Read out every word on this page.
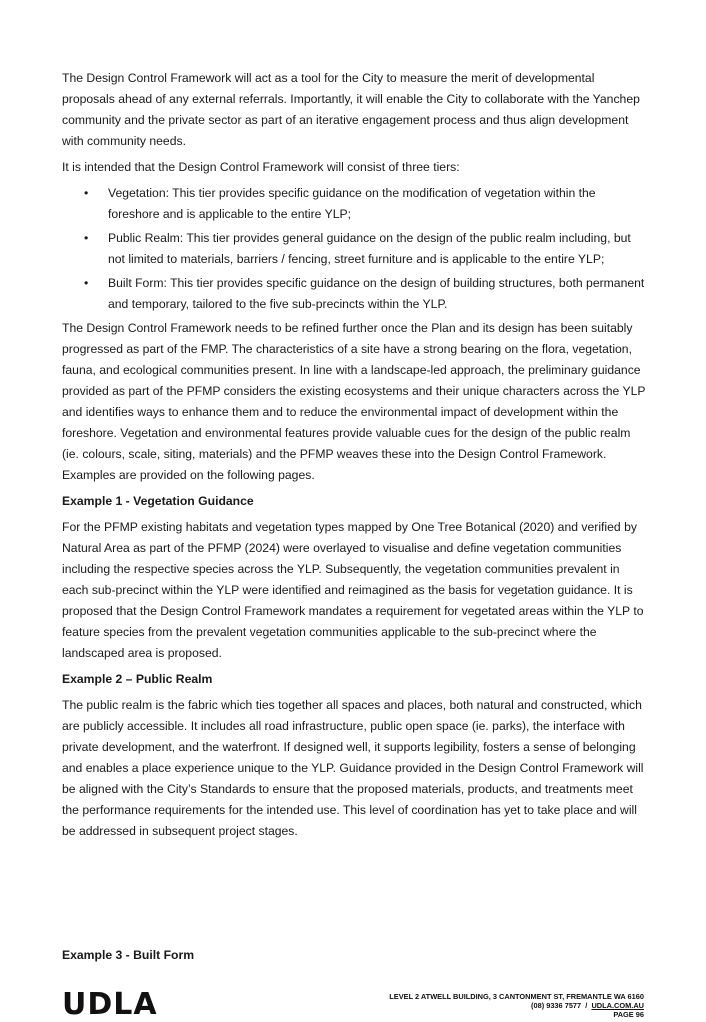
The Design Control Framework will act as a tool for the City to measure the merit of developmental proposals ahead of any external referrals. Importantly, it will enable the City to collaborate with the Yanchep community and the private sector as part of an iterative engagement process and thus align development with community needs.

It is intended that the Design Control Framework will consist of three tiers:

• Vegetation: This tier provides specific guidance on the modification of vegetation within the foreshore and is applicable to the entire YLP;
• Public Realm: This tier provides general guidance on the design of the public realm including, but not limited to materials, barriers / fencing, street furniture and is applicable to the entire YLP;
• Built Form: This tier provides specific guidance on the design of building structures, both permanent and temporary, tailored to the five sub-precincts within the YLP.

The Design Control Framework needs to be refined further once the Plan and its design has been suitably progressed as part of the FMP. The characteristics of a site have a strong bearing on the flora, vegetation, fauna, and ecological communities present. In line with a landscape-led approach, the preliminary guidance provided as part of the PFMP considers the existing ecosystems and their unique characters across the YLP and identifies ways to enhance them and to reduce the environmental impact of development within the foreshore. Vegetation and environmental features provide valuable cues for the design of the public realm (ie. colours, scale, siting, materials) and the PFMP weaves these into the Design Control Framework. Examples are provided on the following pages.

Example 1 - Vegetation Guidance

For the PFMP existing habitats and vegetation types mapped by One Tree Botanical (2020) and verified by Natural Area as part of the PFMP (2024) were overlayed to visualise and define vegetation communities including the respective species across the YLP. Subsequently, the vegetation communities prevalent in each sub-precinct within the YLP were identified and reimagined as the basis for vegetation guidance. It is proposed that the Design Control Framework mandates a requirement for vegetated areas within the YLP to feature species from the prevalent vegetation communities applicable to the sub-precinct where the landscaped area is proposed.

Example 2 – Public Realm

The public realm is the fabric which ties together all spaces and places, both natural and constructed, which are publicly accessible. It includes all road infrastructure, public open space (ie. parks), the interface with private development, and the waterfront. If designed well, it supports legibility, fosters a sense of belonging and enables a place experience unique to the YLP. Guidance provided in the Design Control Framework will be aligned with the City’s Standards to ensure that the proposed materials, products, and treatments meet the performance requirements for the intended use. This level of coordination has yet to take place and will be addressed in subsequent project stages.

Example 3 - Built Form
UDLA	LEVEL 2 ATWELL BUILDING, 3 CANTONMENT ST, FREMANTLE WA 6160
(08) 9336 7577 / UDLA.COM.AU
PAGE 96
